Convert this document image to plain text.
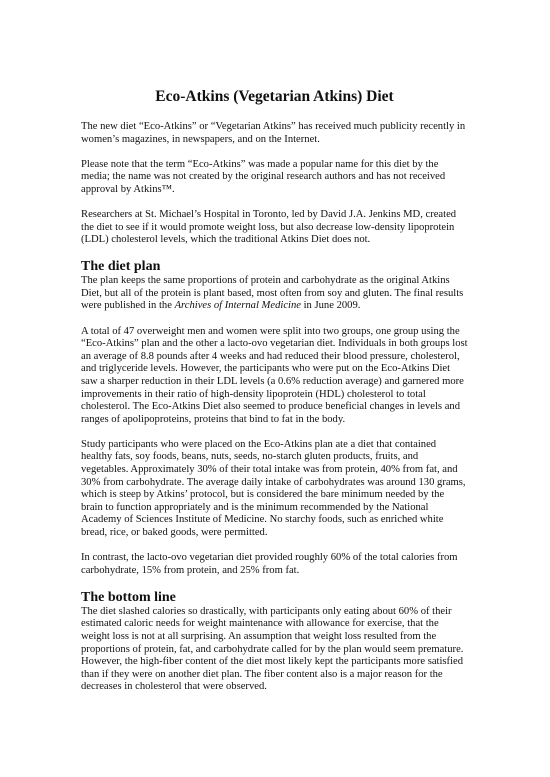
Eco-Atkins (Vegetarian Atkins) Diet

The new diet “Eco-Atkins” or “Vegetarian Atkins” has received much publicity recently in women’s magazines, in newspapers, and on the Internet.

Please note that the term “Eco-Atkins” was made a popular name for this diet by the media; the name was not created by the original research authors and has not received approval by Atkins™.

Researchers at St. Michael’s Hospital in Toronto, led by David J.A. Jenkins MD, created the diet to see if it would promote weight loss, but also decrease low-density lipoprotein (LDL) cholesterol levels, which the traditional Atkins Diet does not.

The diet plan

The plan keeps the same proportions of protein and carbohydrate as the original Atkins Diet, but all of the protein is plant based, most often from soy and gluten. The final results were published in the Archives of Internal Medicine in June 2009.

A total of 47 overweight men and women were split into two groups, one group using the “Eco-Atkins” plan and the other a lacto-ovo vegetarian diet. Individuals in both groups lost an average of 8.8 pounds after 4 weeks and had reduced their blood pressure, cholesterol, and triglyceride levels. However, the participants who were put on the Eco-Atkins Diet saw a sharper reduction in their LDL levels (a 0.6% reduction average) and garnered more improvements in their ratio of high-density lipoprotein (HDL) cholesterol to total cholesterol. The Eco-Atkins Diet also seemed to produce beneficial changes in levels and ranges of apolipoproteins, proteins that bind to fat in the body.

Study participants who were placed on the Eco-Atkins plan ate a diet that contained healthy fats, soy foods, beans, nuts, seeds, no-starch gluten products, fruits, and vegetables. Approximately 30% of their total intake was from protein, 40% from fat, and 30% from carbohydrate. The average daily intake of carbohydrates was around 130 grams, which is steep by Atkins’ protocol, but is considered the bare minimum needed by the brain to function appropriately and is the minimum recommended by the National Academy of Sciences Institute of Medicine. No starchy foods, such as enriched white bread, rice, or baked goods, were permitted.

In contrast, the lacto-ovo vegetarian diet provided roughly 60% of the total calories from carbohydrate, 15% from protein, and 25% from fat.

The bottom line

The diet slashed calories so drastically, with participants only eating about 60% of their estimated caloric needs for weight maintenance with allowance for exercise, that the weight loss is not at all surprising. An assumption that weight loss resulted from the proportions of protein, fat, and carbohydrate called for by the plan would seem premature. However, the high-fiber content of the diet most likely kept the participants more satisfied than if they were on another diet plan. The fiber content also is a major reason for the decreases in cholesterol that were observed.
